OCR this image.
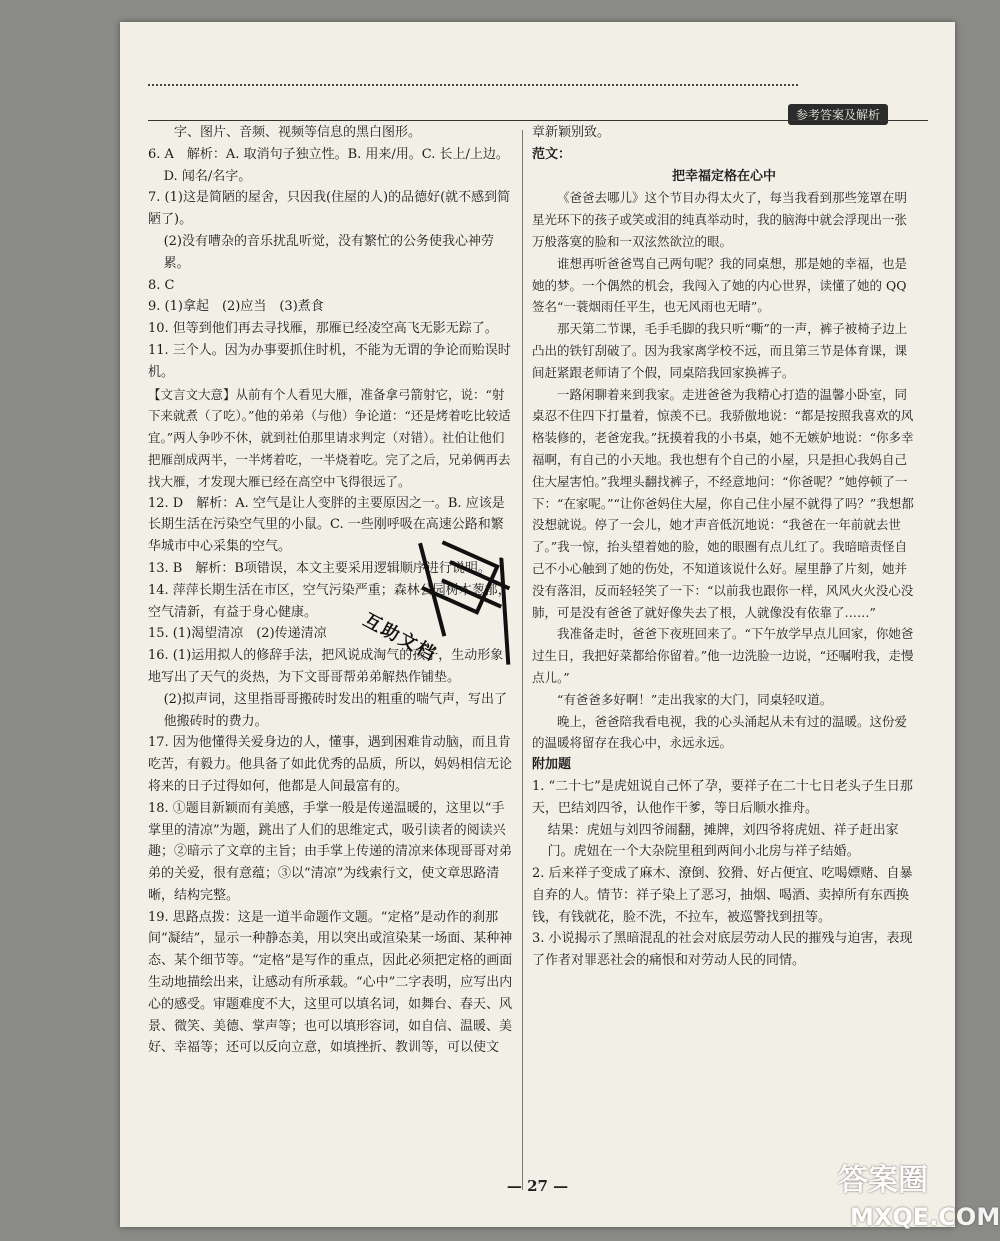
参考答案及解析

字、图片、音频、视频等信息的黑白图形。

6. A　解析：A. 取消句子独立性。B. 用来/用。C. 长上/上边。

D. 闻名/名字。

7. (1)这是简陋的屋舍，只因我(住屋的人)的品德好(就不感到简陋了)。

(2)没有嘈杂的音乐扰乱听觉，没有繁忙的公务使我心神劳累。

8. C

9. (1)拿起　(2)应当　(3)煮食

10. 但等到他们再去寻找雁，那雁已经凌空高飞无影无踪了。

11. 三个人。因为办事要抓住时机，不能为无谓的争论而贻误时机。

【文言文大意】从前有个人看见大雁，准备拿弓箭射它，说：“射下来就煮（了吃）。”他的弟弟（与他）争论道：“还是烤着吃比较适宜。”两人争吵不休，就到社伯那里请求判定（对错）。社伯让他们把雁剖成两半，一半烤着吃，一半烧着吃。完了之后，兄弟俩再去找大雁，才发现大雁已经在高空中飞得很远了。

12. D　解析：A. 空气是让人变胖的主要原因之一。B. 应该是长期生活在污染空气里的小鼠。C. 一些刚呼吸在高速公路和繁华城市中心采集的空气。

13. B　解析：B项错误，本文主要采用逻辑顺序进行说明。

14. 萍萍长期生活在市区，空气污染严重；森林公园树木葱郁，空气清新，有益于身心健康。

15. (1)渴望清凉　(2)传递清凉

16. (1)运用拟人的修辞手法，把风说成淘气的孩子，生动形象地写出了天气的炎热，为下文哥哥帮弟弟解热作铺垫。

(2)拟声词，这里指哥哥搬砖时发出的粗重的喘气声，写出了他搬砖时的费力。

17. 因为他懂得关爱身边的人，懂事，遇到困难肯动脑，而且肯吃苦，有毅力。他具备了如此优秀的品质，所以，妈妈相信无论将来的日子过得如何，他都是人间最富有的。

18. ①题目新颖而有美感，手掌一般是传递温暖的，这里以“手掌里的清凉”为题，跳出了人们的思维定式，吸引读者的阅读兴趣；②暗示了文章的主旨；由手掌上传递的清凉来体现哥哥对弟弟的关爱，很有意蕴；③以“清凉”为线索行文，使文章思路清晰，结构完整。

19. 思路点拨：这是一道半命题作文题。“定格”是动作的刹那间“凝结”，显示一种静态美，用以突出或渲染某一场面、某种神态、某个细节等。“定格”是写作的重点，因此必须把定格的画面生动地描绘出来，让感动有所承载。“心中”二字表明，应写出内心的感受。审题难度不大，这里可以填名词，如舞台、春天、风景、微笑、美德、掌声等；也可以填形容词，如自信、温暖、美好、幸福等；还可以反向立意，如填挫折、教训等，可以使文

章新颖别致。

范文：

把幸福定格在心中

《爸爸去哪儿》这个节目办得太火了，每当我看到那些笼罩在明星光环下的孩子或笑或泪的纯真举动时，我的脑海中就会浮现出一张万般落寞的脸和一双泫然欲泣的眼。

谁想再听爸爸骂自己两句呢？我的同桌想，那是她的幸福，也是她的梦。一个偶然的机会，我闯入了她的内心世界，读懂了她的 QQ 签名“一蓑烟雨任平生，也无风雨也无晴”。

那天第二节课，毛手毛脚的我只听“嘶”的一声，裤子被椅子边上凸出的铁钉刮破了。因为我家离学校不远，而且第三节是体育课，课间赶紧跟老师请了个假，同桌陪我回家换裤子。

一路闲聊着来到我家。走进爸爸为我精心打造的温馨小卧室，同桌忍不住四下打量着，惊羡不已。我骄傲地说：“都是按照我喜欢的风格装修的，老爸宠我。”抚摸着我的小书桌，她不无嫉妒地说：“你多幸福啊，有自己的小天地。我也想有个自己的小屋，只是担心我妈自己住大屋害怕。”我埋头翻找裤子，不经意地问：“你爸呢？”她停顿了一下：“在家呢。”“让你爸妈住大屋，你自己住小屋不就得了吗？”我想都没想就说。停了一会儿，她才声音低沉地说：“我爸在一年前就去世了。”我一惊，抬头望着她的脸，她的眼圈有点儿红了。我暗暗责怪自己不小心触到了她的伤处，不知道该说什么好。屋里静了片刻，她并没有落泪，反而轻轻笑了一下：“以前我也跟你一样，风风火火没心没肺，可是没有爸爸了就好像失去了根，人就像没有依靠了……”

我准备走时，爸爸下夜班回来了。“下午放学早点儿回家，你她爸过生日，我把好菜都给你留着。”他一边洗脸一边说，“还嘱咐我，走慢点儿。”

“有爸爸多好啊！”走出我家的大门，同桌轻叹道。

晚上，爸爸陪我看电视，我的心头涌起从未有过的温暖。这份爱的温暖将留存在我心中，永远永远。

附加题

1. “二十七”是虎妞说自己怀了孕，要祥子在二十七日老头子生日那天，巴结刘四爷，认他作干爹，等日后顺水推舟。

结果：虎妞与刘四爷闹翻，摊牌，刘四爷将虎妞、祥子赶出家门。虎妞在一个大杂院里租到两间小北房与祥子结婚。

2. 后来祥子变成了麻木、潦倒、狡猾、好占便宜、吃喝嫖赌、自暴自弃的人。情节：祥子染上了恶习，抽烟、喝酒、卖掉所有东西换钱，有钱就花，脸不洗，不拉车，被巡警找到扭等。

3. 小说揭示了黑暗混乱的社会对底层劳动人民的摧残与迫害，表现了作者对罪恶社会的痛恨和对劳动人民的同情。

— 27 —
互助文档
答案圈
MXQE.COM
